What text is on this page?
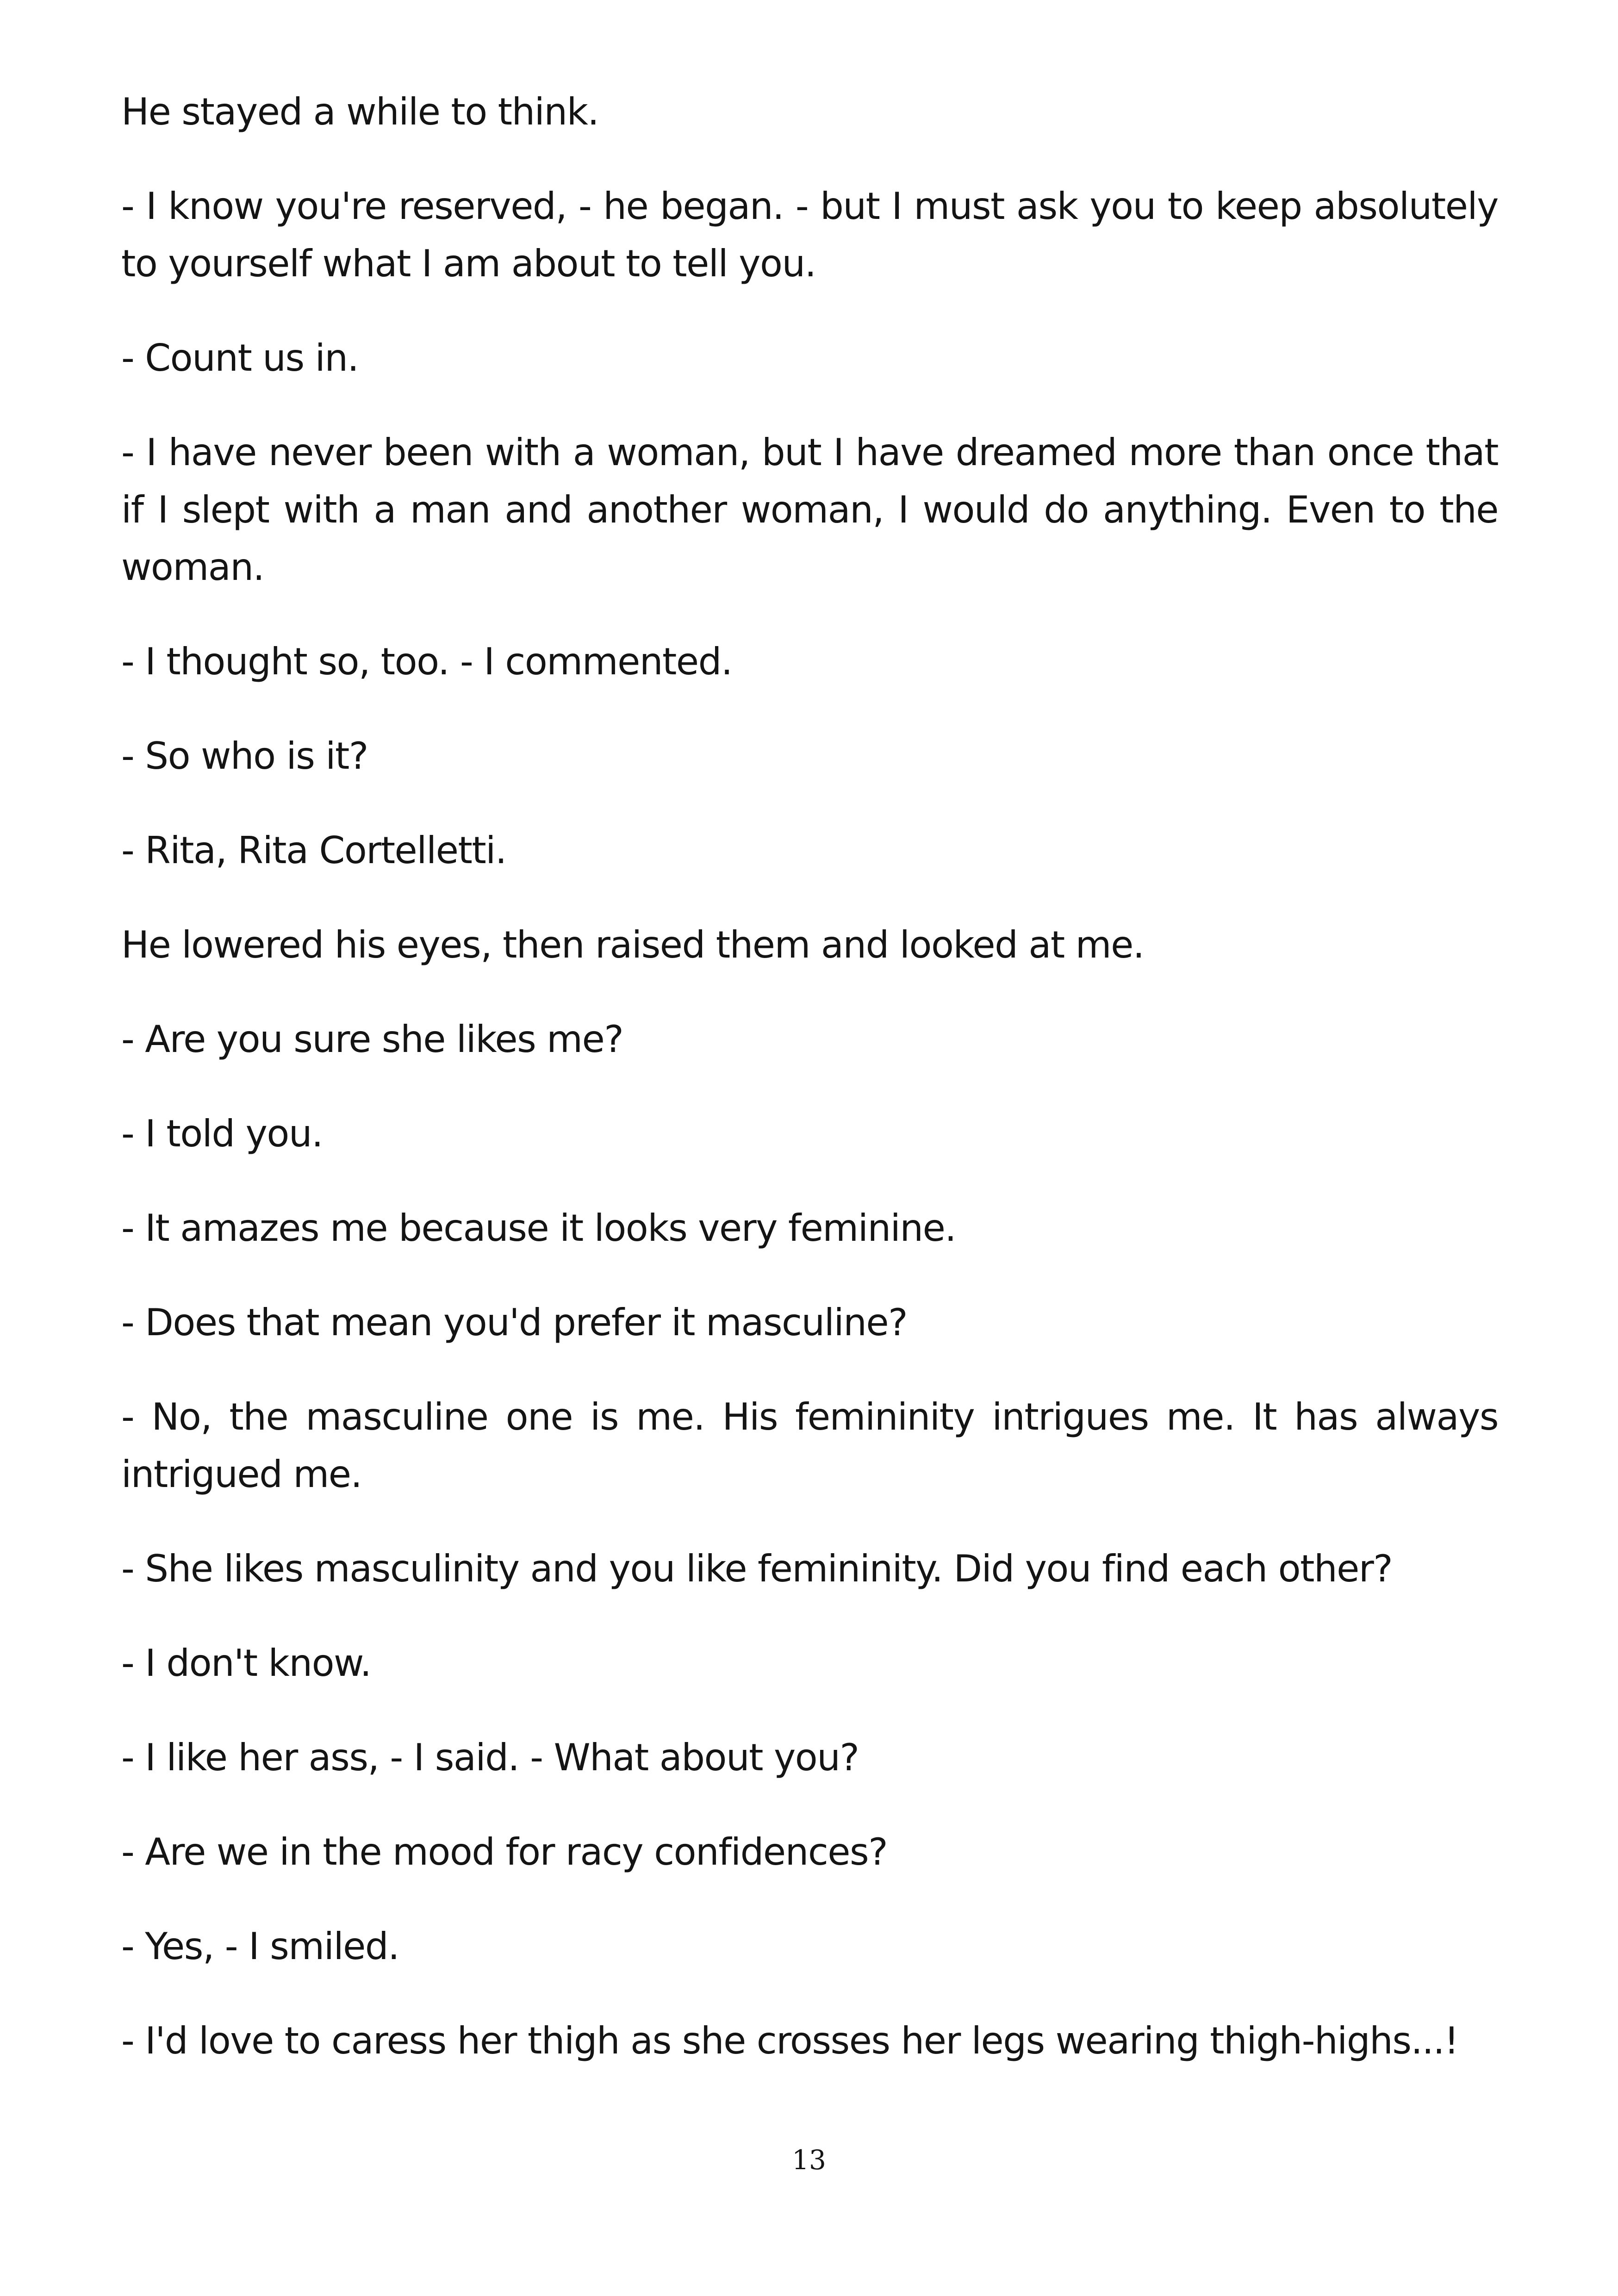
He stayed a while to think.

- I know you're reserved, - he began. - but I must ask you to keep absolutely to yourself what I am about to tell you.

- Count us in.

- I have never been with a woman, but I have dreamed more than once that if I slept with a man and another woman, I would do anything. Even to the woman.

- I thought so, too. - I commented.

- So who is it?

- Rita, Rita Cortelletti.

He lowered his eyes, then raised them and looked at me.

- Are you sure she likes me?

- I told you.

- It amazes me because it looks very feminine.

- Does that mean you'd prefer it masculine?

- No, the masculine one is me. His femininity intrigues me. It has always intrigued me.

- She likes masculinity and you like femininity. Did you find each other?

- I don't know.

- I like her ass, - I said. - What about you?

- Are we in the mood for racy confidences?

- Yes, - I smiled.

- I'd love to caress her thigh as she crosses her legs wearing thigh-highs...!

13
